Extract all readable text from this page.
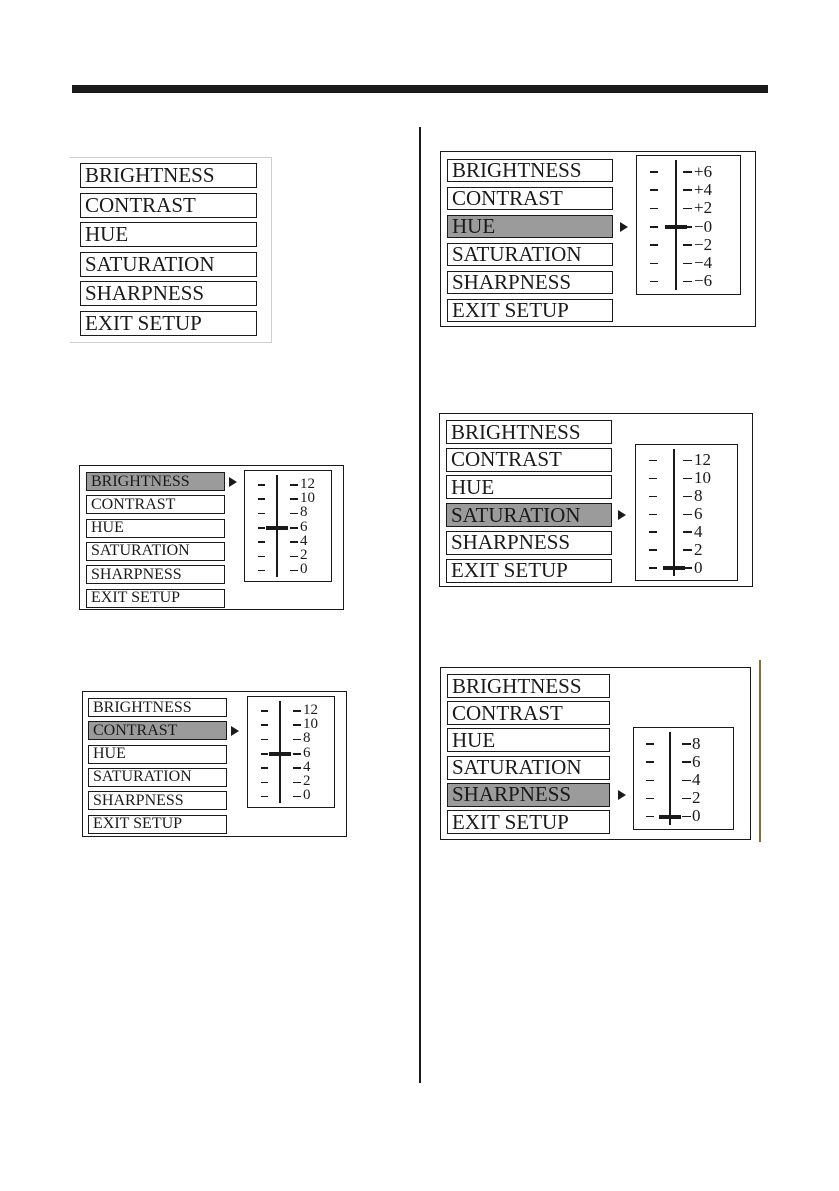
BRIGHTNESS
CONTRAST
HUE
SATURATION
SHARPNESS
EXIT SETUP
BRIGHTNESS
CONTRAST
HUE
SATURATION
SHARPNESS
EXIT SETUP
12
10
8
6
4
2
0
BRIGHTNESS
CONTRAST
HUE
SATURATION
SHARPNESS
EXIT SETUP
12
10
8
6
4
2
0
BRIGHTNESS
CONTRAST
HUE
SATURATION
SHARPNESS
EXIT SETUP
+6
+4
+2
−0
−2
−4
−6
BRIGHTNESS
CONTRAST
HUE
SATURATION
SHARPNESS
EXIT SETUP
12
10
8
6
4
2
0
BRIGHTNESS
CONTRAST
HUE
SATURATION
SHARPNESS
EXIT SETUP
8
6
4
2
0
